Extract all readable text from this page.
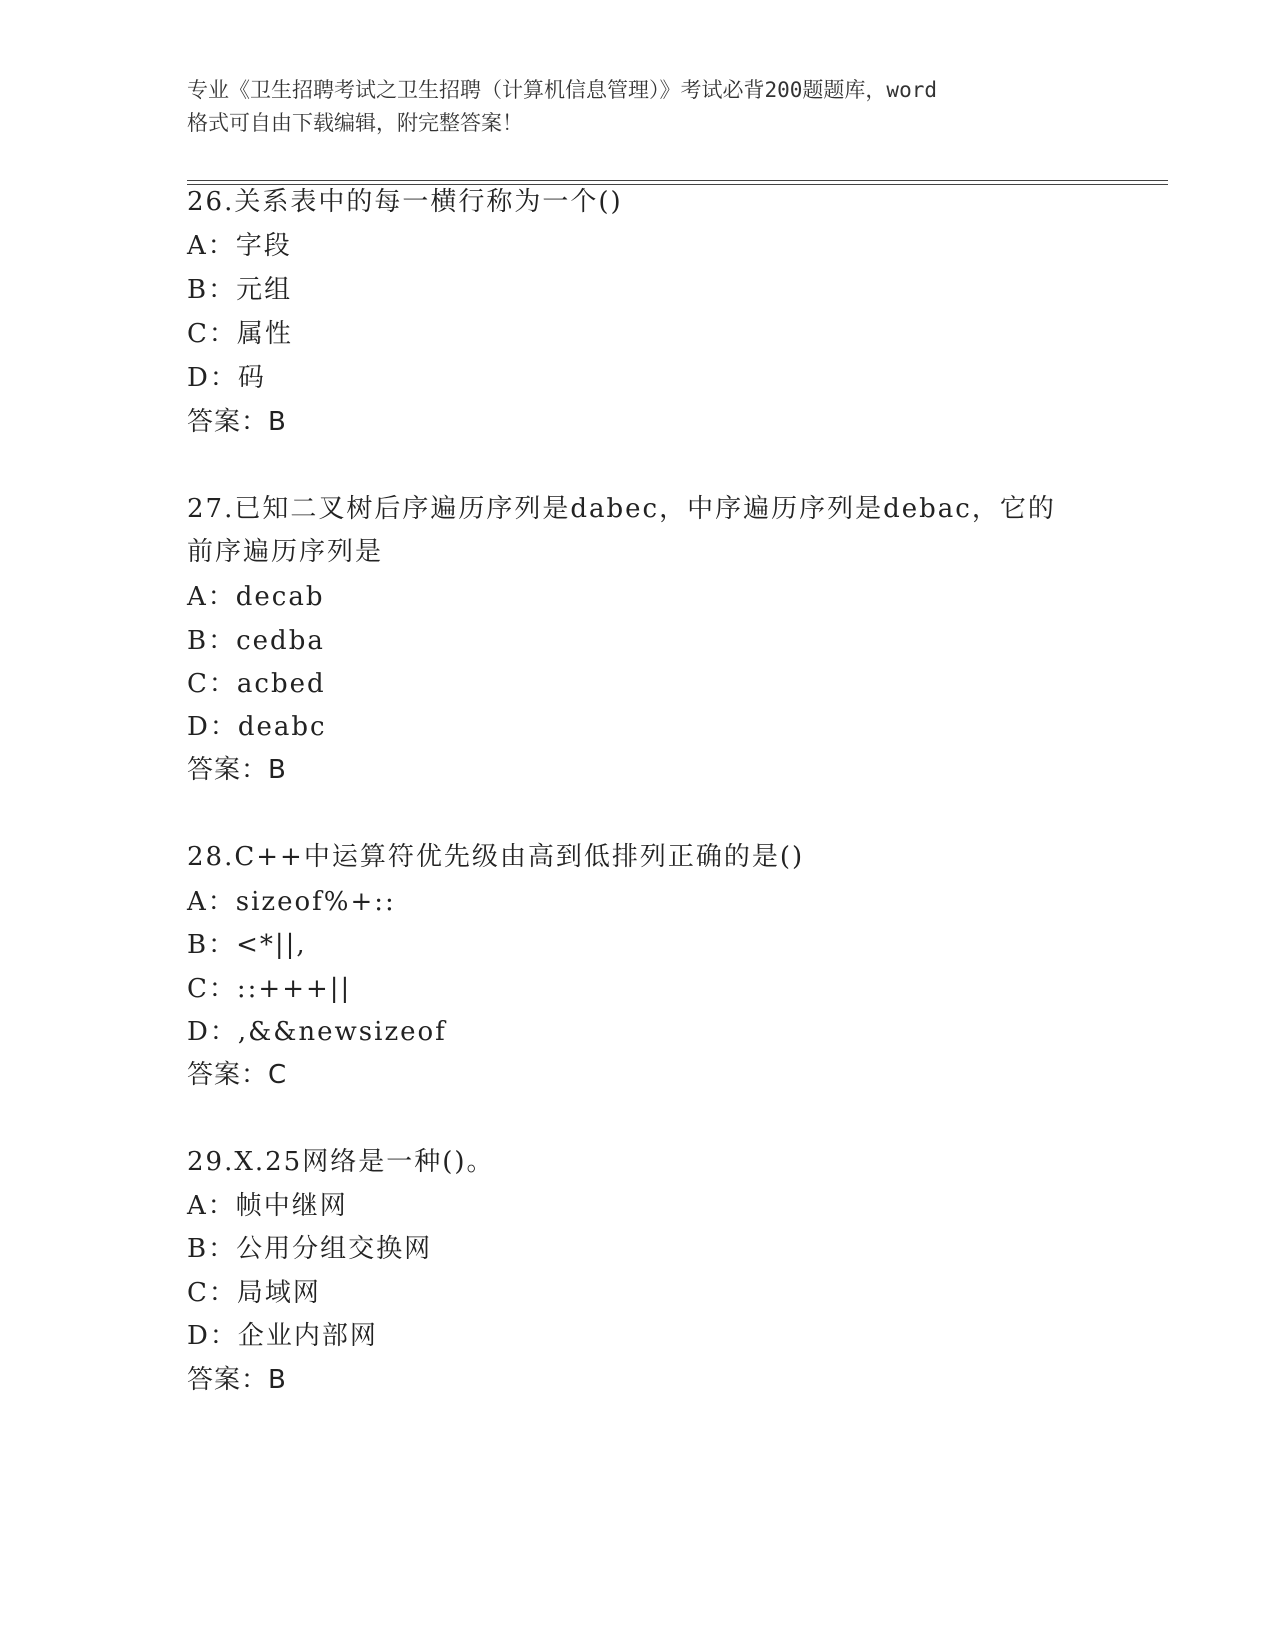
专业《卫生招聘考试之卫生招聘（计算机信息管理）》考试必背200题题库，word
格式可自由下载编辑，附完整答案！
26.关系表中的每一横行称为一个()
A：字段
B：元组
C：属性
D：码
答案：B
27.已知二叉树后序遍历序列是dabec，中序遍历序列是debac，它的
前序遍历序列是
A：decab
B：cedba
C：acbed
D：deabc
答案：B
28.C++中运算符优先级由高到低排列正确的是()
A：sizeof%+::
B：<*||,
C：::+++||
D：,&&newsizeof
答案：C
29.X.25网络是一种()。
A：帧中继网
B：公用分组交换网
C：局域网
D：企业内部网
答案：B
